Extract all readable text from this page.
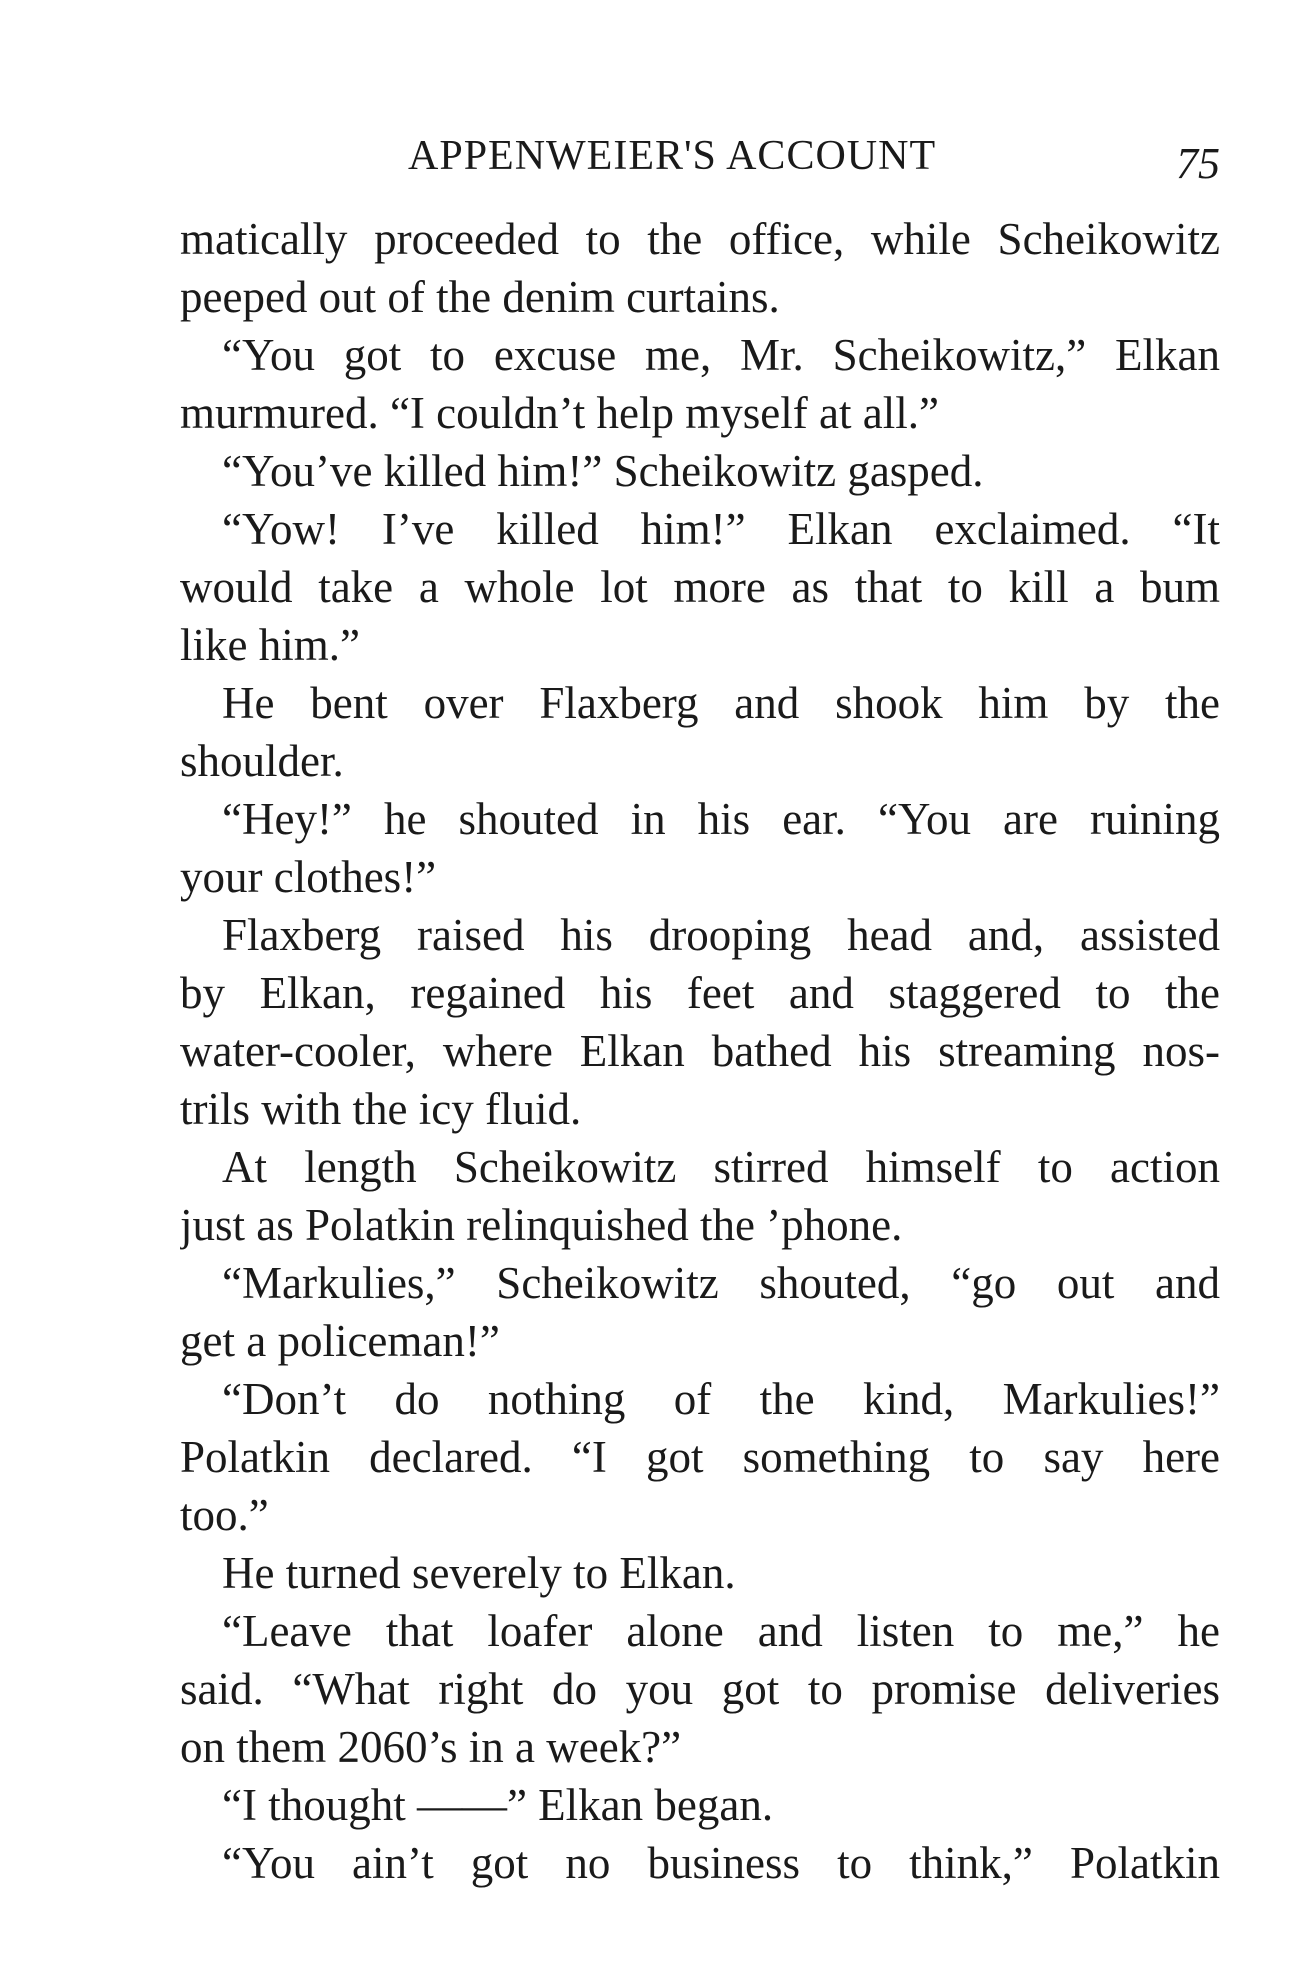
APPENWEIER'S ACCOUNT	75
matically proceeded to the office, while Scheikowitz
peeped out of the denim curtains.
“You got to excuse me, Mr. Scheikowitz,” Elkan
murmured. “I couldn’t help myself at all.”
“You’ve killed him!” Scheikowitz gasped.
“Yow! I’ve killed him!” Elkan exclaimed. “It
would take a whole lot more as that to kill a bum
like him.”
He bent over Flaxberg and shook him by the
shoulder.
“Hey!” he shouted in his ear. “You are ruining
your clothes!”
Flaxberg raised his drooping head and, assisted
by Elkan, regained his feet and staggered to the
water-cooler, where Elkan bathed his streaming nos-
trils with the icy fluid.
At length Scheikowitz stirred himself to action
just as Polatkin relinquished the ’phone.
“Markulies,” Scheikowitz shouted, “go out and
get a policeman!”
“Don’t do nothing of the kind, Markulies!”
Polatkin declared. “I got something to say here
too.”
He turned severely to Elkan.
“Leave that loafer alone and listen to me,” he
said. “What right do you got to promise deliveries
on them 2060’s in a week?”
“I thought ——” Elkan began.
“You ain’t got no business to think,” Polatkin
